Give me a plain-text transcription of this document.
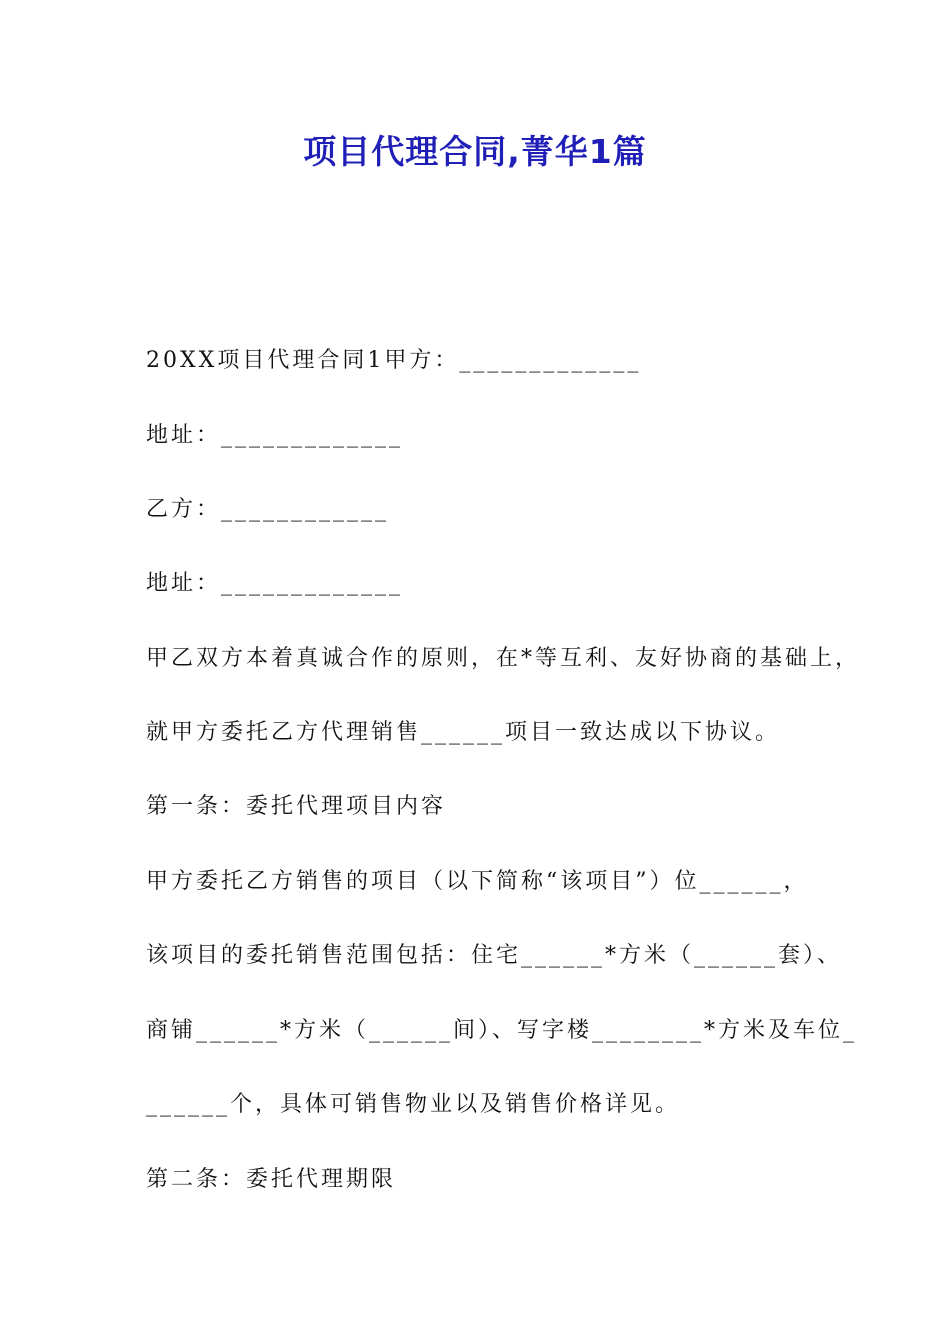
项目代理合同,菁华1篇

20XX项目代理合同1甲方：_____________

地址：_____________

乙方：____________

地址：_____________

甲乙双方本着真诚合作的原则，在*等互利、友好协商的基础上，

就甲方委托乙方代理销售______项目一致达成以下协议。

第一条：委托代理项目内容

甲方委托乙方销售的项目（以下简称“该项目”）位______，

该项目的委托销售范围包括：住宅______*方米（______套）、

商铺______*方米（______间）、写字楼________*方米及车位_

______个，具体可销售物业以及销售价格详见。

第二条：委托代理期限
